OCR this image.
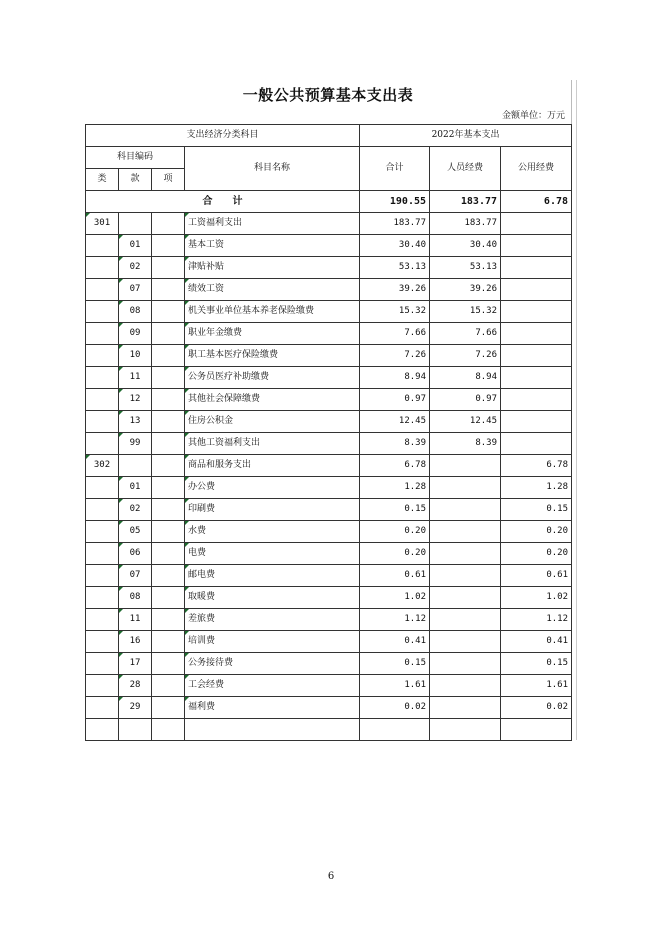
一般公共预算基本支出表
金额单位：万元
支出经济分类科目				2022年基本支出		
科目编码			科目名称	合计	人员经费	公用经费
类	款	项				
合　　计				190.55	183.77	6.78
301			工资福利支出	183.77	183.77	
	01		基本工资	30.40	30.40	
	02		津贴补贴	53.13	53.13	
	07		绩效工资	39.26	39.26	
	08		机关事业单位基本养老保险缴费	15.32	15.32	
	09		职业年金缴费	7.66	7.66	
	10		职工基本医疗保险缴费	7.26	7.26	
	11		公务员医疗补助缴费	8.94	8.94	
	12		其他社会保障缴费	0.97	0.97	
	13		住房公积金	12.45	12.45	
	99		其他工资福利支出	8.39	8.39	
302			商品和服务支出	6.78		6.78
	01		办公费	1.28		1.28
	02		印刷费	0.15		0.15
	05		水费	0.20		0.20
	06		电费	0.20		0.20
	07		邮电费	0.61		0.61
	08		取暖费	1.02		1.02
	11		差旅费	1.12		1.12
	16		培训费	0.41		0.41
	17		公务接待费	0.15		0.15
	28		工会经费	1.61		1.61
	29		福利费	0.02		0.02

6
